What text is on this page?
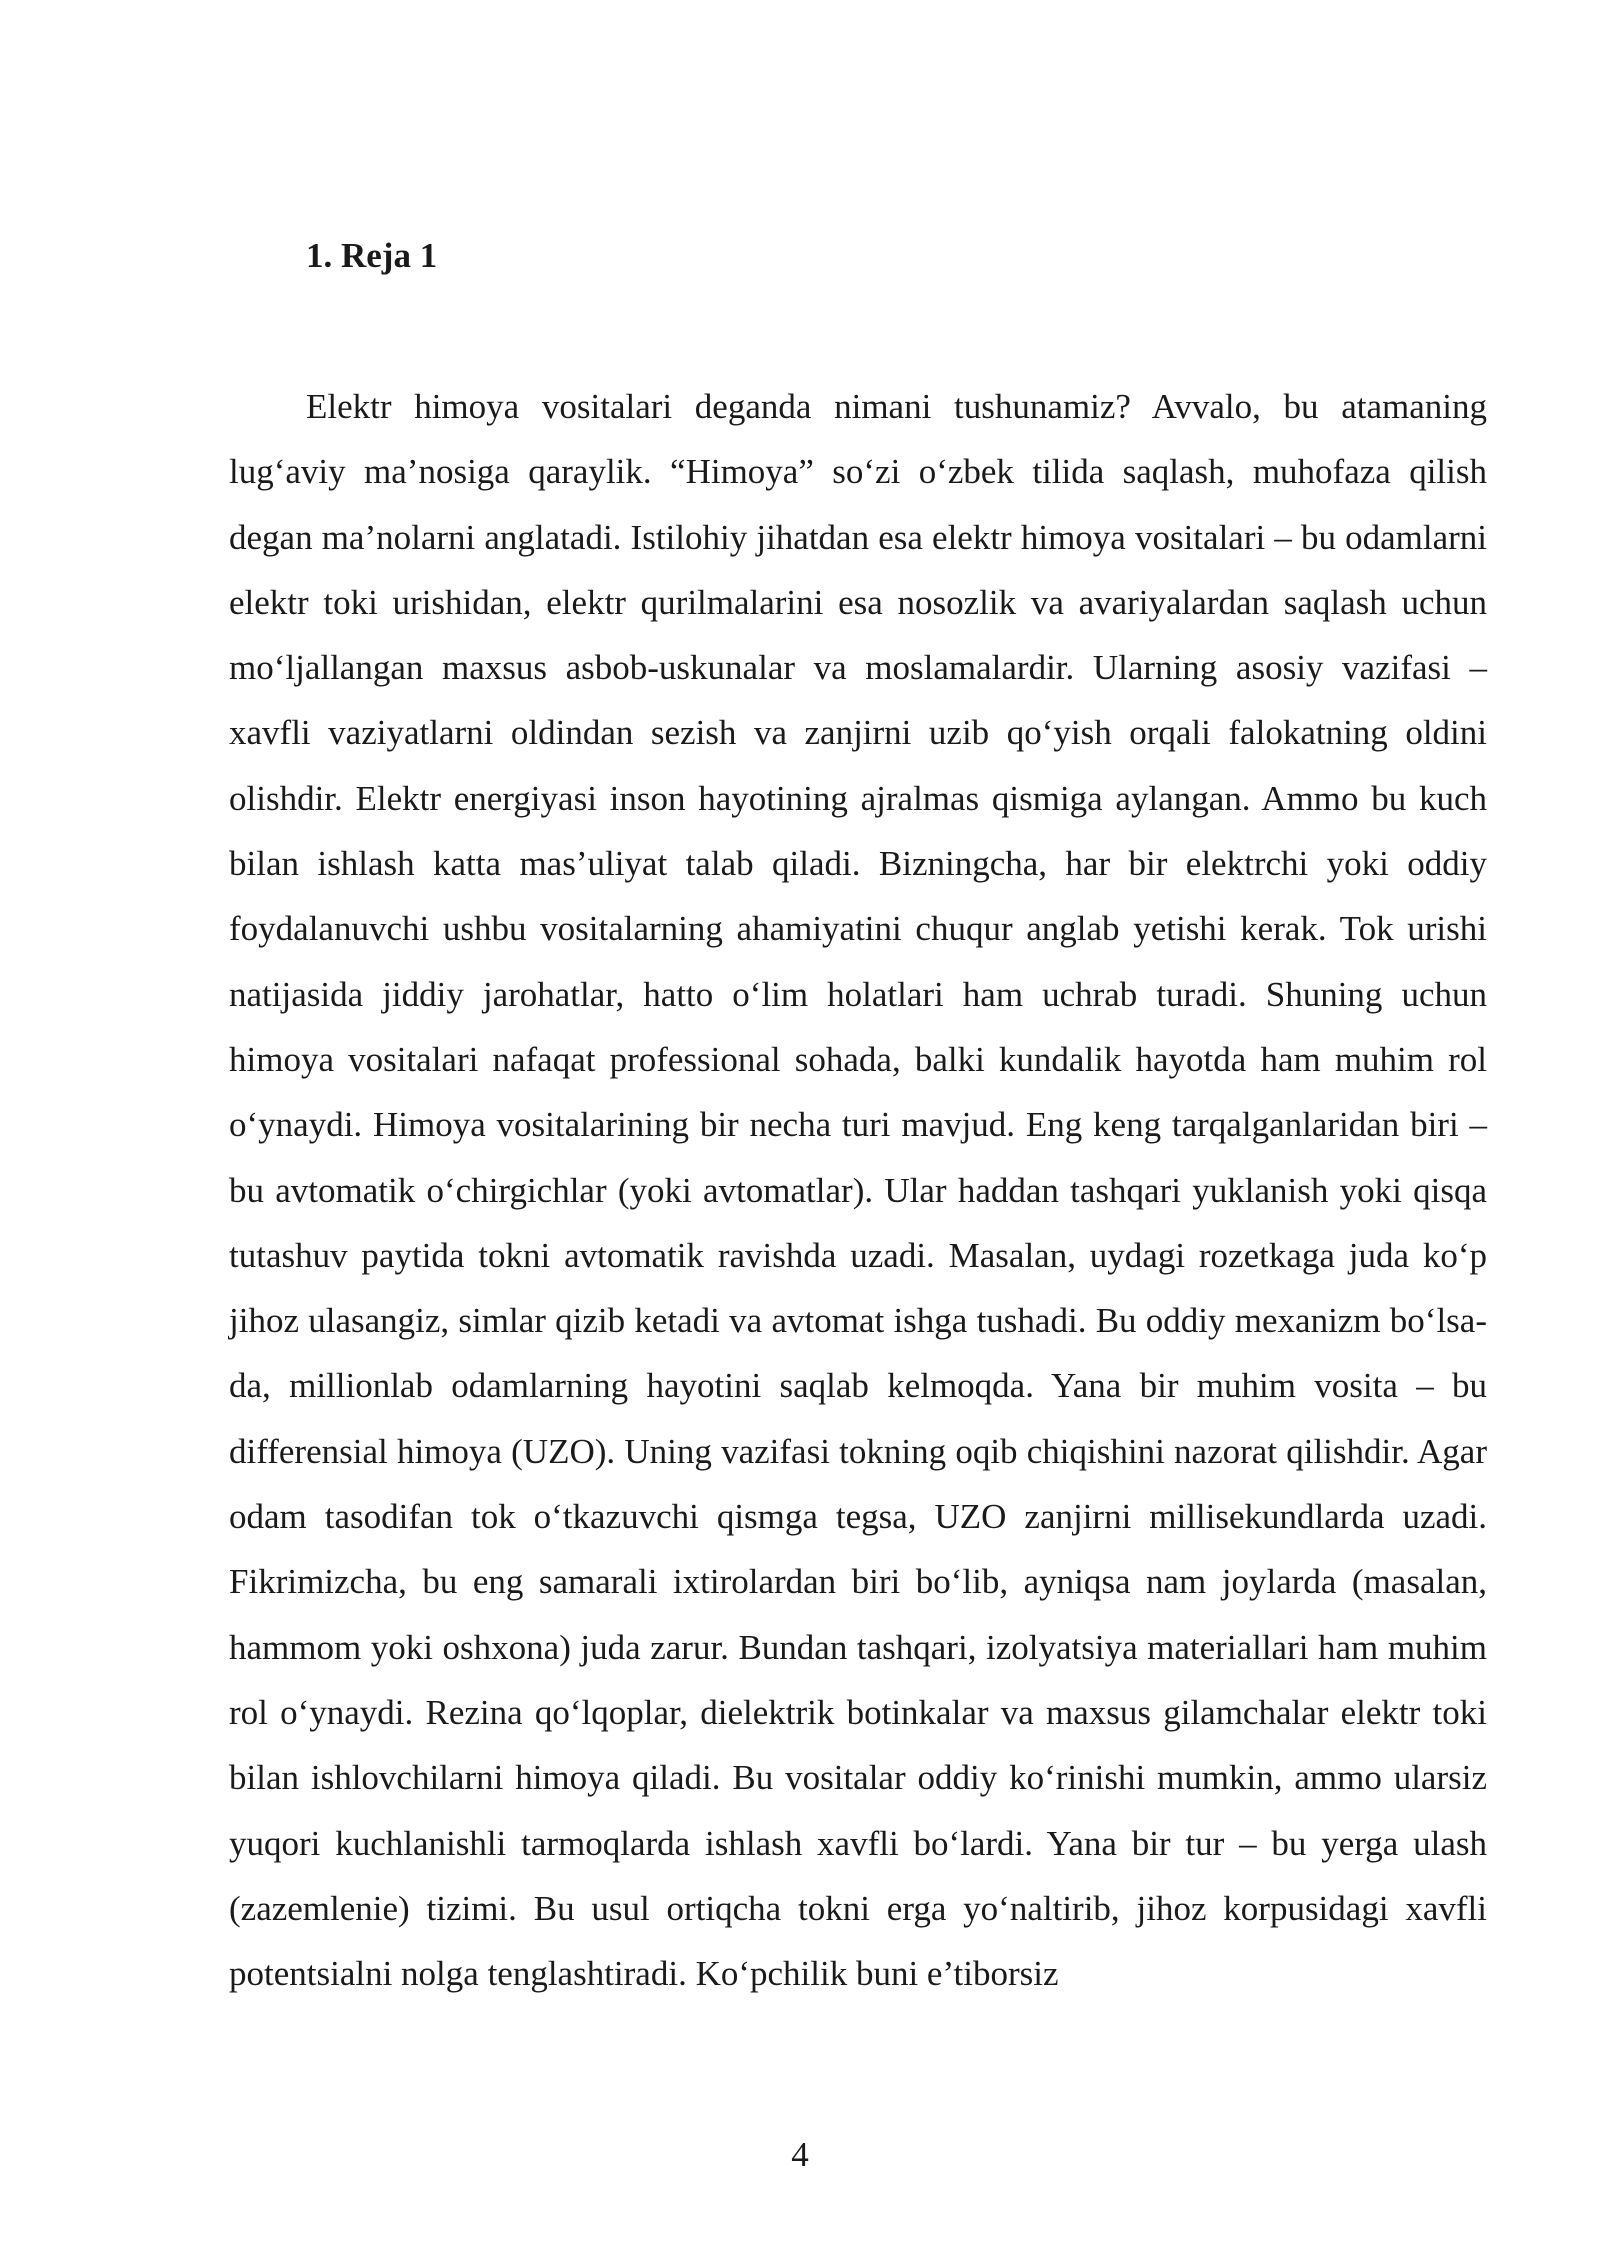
1. Reja 1

Elektr himoya vositalari deganda nimani tushunamiz? Avvalo, bu atamaning lug‘aviy ma’nosiga qaraylik. “Himoya” so‘zi o‘zbek tilida saqlash, muhofaza qilish degan ma’nolarni anglatadi. Istilohiy jihatdan esa elektr himoya vositalari – bu odamlarni elektr toki urishidan, elektr qurilmalarini esa nosozlik va avariyalardan saqlash uchun mo‘ljallangan maxsus asbob-uskunalar va moslamalardir. Ularning asosiy vazifasi – xavfli vaziyatlarni oldindan sezish va zanjirni uzib qo‘yish orqali falokatning oldini olishdir. Elektr energiyasi inson hayotining ajralmas qismiga aylangan. Ammo bu kuch bilan ishlash katta mas’uliyat talab qiladi. Bizningcha, har bir elektrchi yoki oddiy foydalanuvchi ushbu vositalarning ahamiyatini chuqur anglab yetishi kerak. Tok urishi natijasida jiddiy jarohatlar, hatto o‘lim holatlari ham uchrab turadi. Shuning uchun himoya vositalari nafaqat professional sohada, balki kundalik hayotda ham muhim rol o‘ynaydi. Himoya vositalarining bir necha turi mavjud. Eng keng tarqalganlaridan biri – bu avtomatik o‘chirgichlar (yoki avtomatlar). Ular haddan tashqari yuklanish yoki qisqa tutashuv paytida tokni avtomatik ravishda uzadi. Masalan, uydagi rozetkaga juda ko‘p jihoz ulasangiz, simlar qizib ketadi va avtomat ishga tushadi. Bu oddiy mexanizm bo‘lsa-da, millionlab odamlarning hayotini saqlab kelmoqda. Yana bir muhim vosita – bu differensial himoya (UZO). Uning vazifasi tokning oqib chiqishini nazorat qilishdir. Agar odam tasodifan tok o‘tkazuvchi qismga tegsa, UZO zanjirni millisekundlarda uzadi. Fikrimizcha, bu eng samarali ixtirolardan biri bo‘lib, ayniqsa nam joylarda (masalan, hammom yoki oshxona) juda zarur. Bundan tashqari, izolyatsiya materiallari ham muhim rol o‘ynaydi. Rezina qo‘lqoplar, dielektrik botinkalar va maxsus gilamchalar elektr toki bilan ishlovchilarni himoya qiladi. Bu vositalar oddiy ko‘rinishi mumkin, ammo ularsiz yuqori kuchlanishli tarmoqlarda ishlash xavfli bo‘lardi. Yana bir tur – bu yerga ulash (zazemlenie) tizimi. Bu usul ortiqcha tokni erga yo‘naltirib, jihoz korpusidagi xavfli potentsialni nolga tenglashtiradi. Ko‘pchilik buni e’tiborsiz

4
